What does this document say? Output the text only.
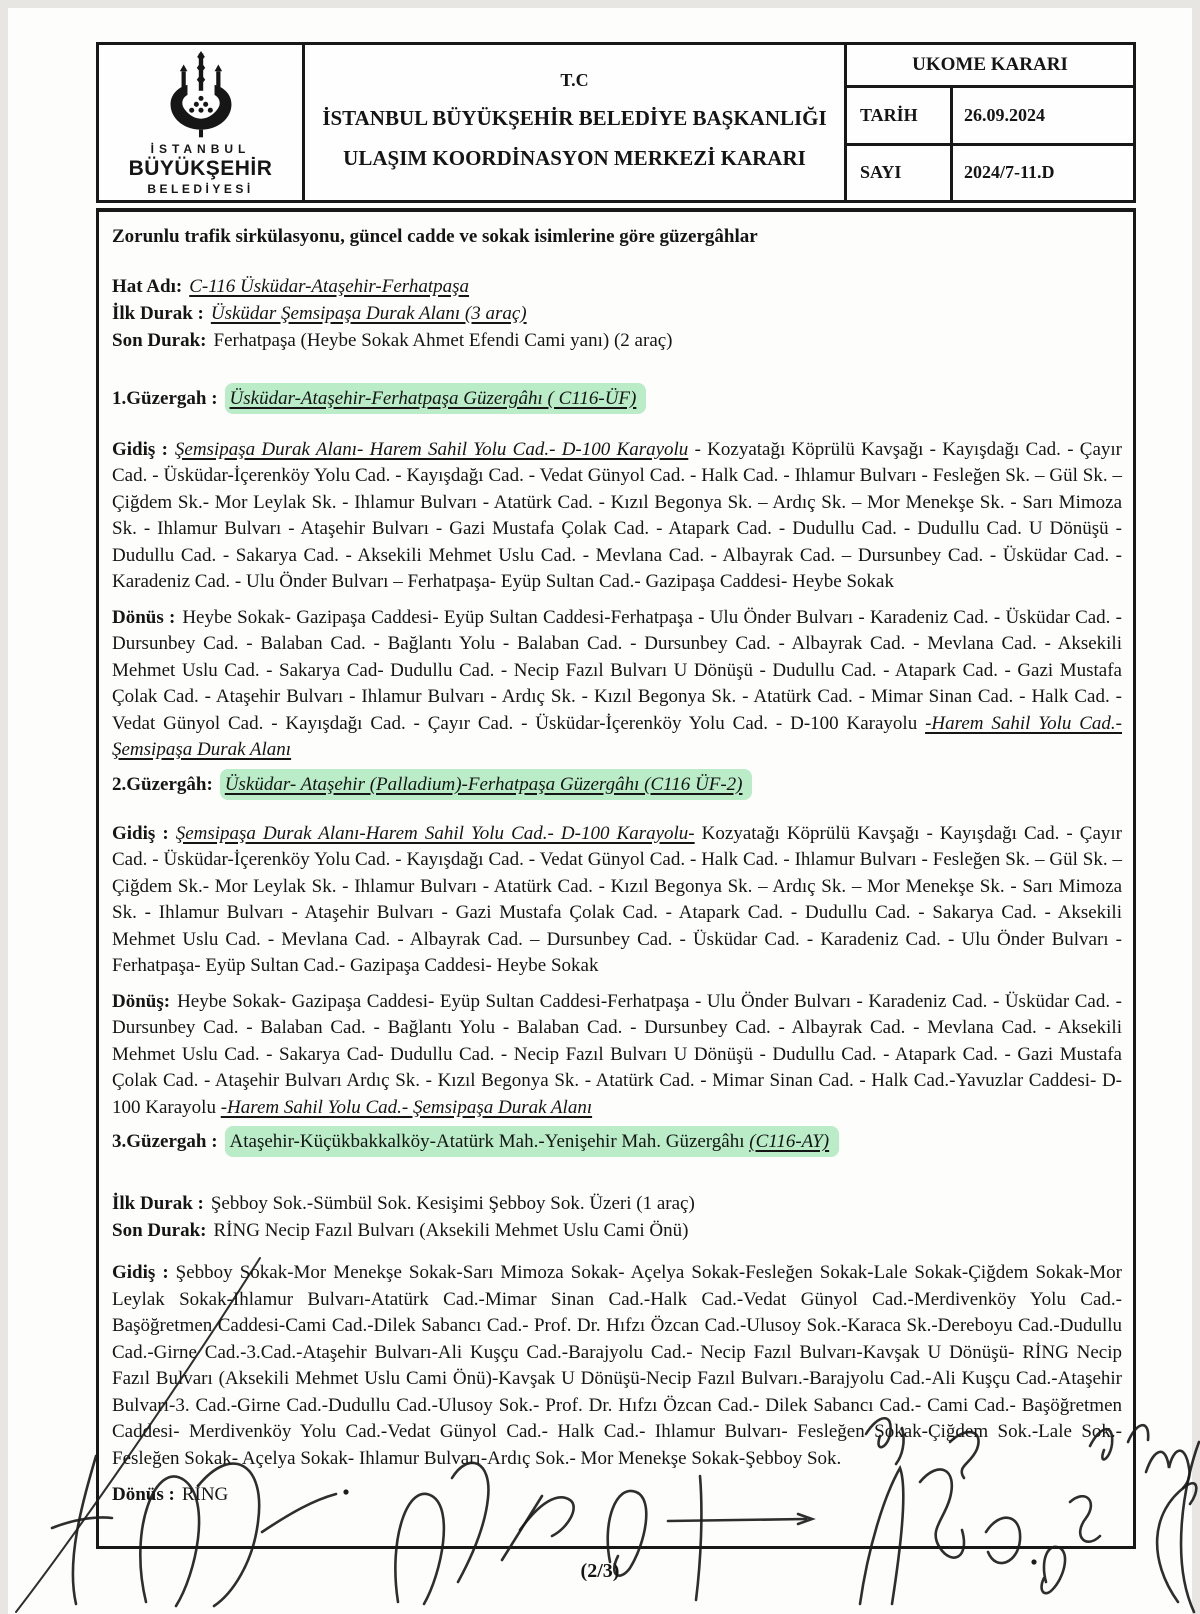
İSTANBUL
BÜYÜKŞEHİR
BELEDİYESİ
T.C
İSTANBUL BÜYÜKŞEHİR BELEDİYE BAŞKANLIĞI
ULAŞIM KOORDİNASYON MERKEZİ KARARI
UKOME KARARI
TARİH	26.09.2024
SAYI	2024/7-11.D
Zorunlu trafik sirkülasyonu, güncel cadde ve sokak isimlerine göre güzergâhlar
Hat Adı: C-116 Üsküdar-Ataşehir-Ferhatpaşa
İlk Durak : Üsküdar Şemsipaşa Durak Alanı (3 araç)
Son Durak: Ferhatpaşa (Heybe Sokak Ahmet Efendi Cami yanı) (2 araç)
1.Güzergah : Üsküdar-Ataşehir-Ferhatpaşa Güzergâhı ( C116-ÜF)
Gidiş : Şemsipaşa Durak Alanı- Harem Sahil Yolu Cad.- D-100 Karayolu - Kozyatağı Köprülü Kavşağı - Kayışdağı Cad. - Çayır Cad. - Üsküdar-İçerenköy Yolu Cad. - Kayışdağı Cad. - Vedat Günyol Cad. - Halk Cad. - Ihlamur Bulvarı - Fesleğen Sk. – Gül Sk. – Çiğdem Sk.- Mor Leylak Sk. - Ihlamur Bulvarı - Atatürk Cad. - Kızıl Begonya Sk. – Ardıç Sk. – Mor Menekşe Sk. - Sarı Mimoza Sk. - Ihlamur Bulvarı - Ataşehir Bulvarı - Gazi Mustafa Çolak Cad. - Atapark Cad. - Dudullu Cad. - Dudullu Cad. U Dönüşü - Dudullu Cad. - Sakarya Cad. - Aksekili Mehmet Uslu Cad. - Mevlana Cad. - Albayrak Cad. – Dursunbey Cad. - Üsküdar Cad. - Karadeniz Cad. - Ulu Önder Bulvarı – Ferhatpaşa- Eyüp Sultan Cad.- Gazipaşa Caddesi- Heybe Sokak
Dönüs : Heybe Sokak- Gazipaşa Caddesi- Eyüp Sultan Caddesi-Ferhatpaşa - Ulu Önder Bulvarı - Karadeniz Cad. - Üsküdar Cad. - Dursunbey Cad. - Balaban Cad. - Bağlantı Yolu - Balaban Cad. - Dursunbey Cad. - Albayrak Cad. - Mevlana Cad. - Aksekili Mehmet Uslu Cad. - Sakarya Cad- Dudullu Cad. - Necip Fazıl Bulvarı U Dönüşü - Dudullu Cad. - Atapark Cad. - Gazi Mustafa Çolak Cad. - Ataşehir Bulvarı - Ihlamur Bulvarı - Ardıç Sk. - Kızıl Begonya Sk. - Atatürk Cad. - Mimar Sinan Cad. - Halk Cad. - Vedat Günyol Cad. - Kayışdağı Cad. - Çayır Cad. - Üsküdar-İçerenköy Yolu Cad. - D-100 Karayolu -Harem Sahil Yolu Cad.-Şemsipaşa Durak Alanı
2.Güzergâh: Üsküdar- Ataşehir (Palladium)-Ferhatpaşa Güzergâhı (C116 ÜF-2)
Gidiş : Şemsipaşa Durak Alanı-Harem Sahil Yolu Cad.- D-100 Karayolu- Kozyatağı Köprülü Kavşağı - Kayışdağı Cad. - Çayır Cad. - Üsküdar-İçerenköy Yolu Cad. - Kayışdağı Cad. - Vedat Günyol Cad. - Halk Cad. - Ihlamur Bulvarı - Fesleğen Sk. – Gül Sk. – Çiğdem Sk.- Mor Leylak Sk. - Ihlamur Bulvarı - Atatürk Cad. - Kızıl Begonya Sk. – Ardıç Sk. – Mor Menekşe Sk. - Sarı Mimoza Sk. - Ihlamur Bulvarı - Ataşehir Bulvarı - Gazi Mustafa Çolak Cad. - Atapark Cad. - Dudullu Cad. - Sakarya Cad. - Aksekili Mehmet Uslu Cad. - Mevlana Cad. - Albayrak Cad. – Dursunbey Cad. - Üsküdar Cad. - Karadeniz Cad. - Ulu Önder Bulvarı - Ferhatpaşa- Eyüp Sultan Cad.- Gazipaşa Caddesi- Heybe Sokak
Dönüş: Heybe Sokak- Gazipaşa Caddesi- Eyüp Sultan Caddesi-Ferhatpaşa - Ulu Önder Bulvarı - Karadeniz Cad. - Üsküdar Cad. - Dursunbey Cad. - Balaban Cad. - Bağlantı Yolu - Balaban Cad. - Dursunbey Cad. - Albayrak Cad. - Mevlana Cad. - Aksekili Mehmet Uslu Cad. - Sakarya Cad- Dudullu Cad. - Necip Fazıl Bulvarı U Dönüşü - Dudullu Cad. - Atapark Cad. - Gazi Mustafa Çolak Cad. - Ataşehir Bulvarı Ardıç Sk. - Kızıl Begonya Sk. - Atatürk Cad. - Mimar Sinan Cad. - Halk Cad.-Yavuzlar Caddesi- D-100 Karayolu -Harem Sahil Yolu Cad.- Şemsipaşa Durak Alanı
3.Güzergah : Ataşehir-Küçükbakkalköy-Atatürk Mah.-Yenişehir Mah. Güzergâhı (C116-AY)
İlk Durak : Şebboy Sok.-Sümbül Sok. Kesişimi Şebboy Sok. Üzeri (1 araç)
Son Durak: RİNG Necip Fazıl Bulvarı (Aksekili Mehmet Uslu Cami Önü)
Gidiş : Şebboy Sokak-Mor Menekşe Sokak-Sarı Mimoza Sokak- Açelya Sokak-Fesleğen Sokak-Lale Sokak-Çiğdem Sokak-Mor Leylak Sokak-Ihlamur Bulvarı-Atatürk Cad.-Mimar Sinan Cad.-Halk Cad.-Vedat Günyol Cad.-Merdivenköy Yolu Cad.-Başöğretmen Caddesi-Cami Cad.-Dilek Sabancı Cad.- Prof. Dr. Hıfzı Özcan Cad.-Ulusoy Sok.-Karaca Sk.-Dereboyu Cad.-Dudullu Cad.-Girne Cad.-3.Cad.-Ataşehir Bulvarı-Ali Kuşçu Cad.-Barajyolu Cad.- Necip Fazıl Bulvarı-Kavşak U Dönüşü- RİNG Necip Fazıl Bulvarı (Aksekili Mehmet Uslu Cami Önü)-Kavşak U Dönüşü-Necip Fazıl Bulvarı.-Barajyolu Cad.-Ali Kuşçu Cad.-Ataşehir Bulvarı-3. Cad.-Girne Cad.-Dudullu Cad.-Ulusoy Sok.- Prof. Dr. Hıfzı Özcan Cad.- Dilek Sabancı Cad.- Cami Cad.- Başöğretmen Caddesi- Merdivenköy Yolu Cad.-Vedat Günyol Cad.- Halk Cad.- Ihlamur Bulvarı- Fesleğen Sokak-Çiğdem Sok.-Lale Sok.- Fesleğen Sokak- Açelya Sokak- Ihlamur Bulvarı-Ardıç Sok.- Mor Menekşe Sokak-Şebboy Sok.
Dönüs : RİNG
(2/3)
